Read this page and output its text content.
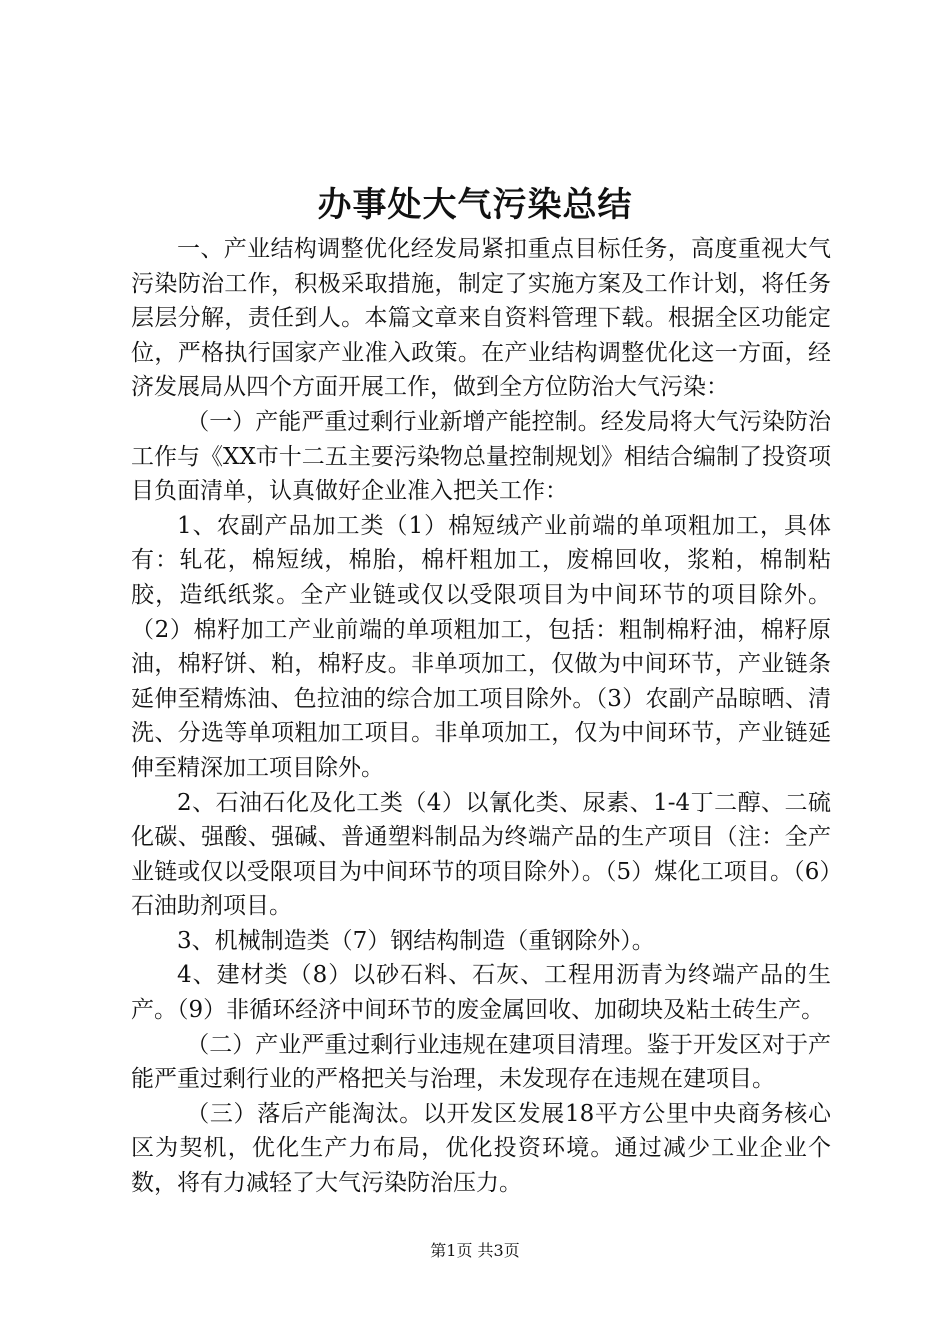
办事处大气污染总结

一、产业结构调整优化经发局紧扣重点目标任务，高度重视大气污染防治工作，积极采取措施，制定了实施方案及工作计划，将任务层层分解，责任到人。本篇文章来自资料管理下载。根据全区功能定位，严格执行国家产业准入政策。在产业结构调整优化这一方面，经济发展局从四个方面开展工作，做到全方位防治大气污染：

（一）产能严重过剩行业新增产能控制。经发局将大气污染防治工作与《XX市十二五主要污染物总量控制规划》相结合编制了投资项目负面清单，认真做好企业准入把关工作：

1、农副产品加工类（1）棉短绒产业前端的单项粗加工，具体有：轧花，棉短绒，棉胎，棉杆粗加工，废棉回收，浆粕，棉制粘胶，造纸纸浆。全产业链或仅以受限项目为中间环节的项目除外。（2）棉籽加工产业前端的单项粗加工，包括：粗制棉籽油，棉籽原油，棉籽饼、粕，棉籽皮。非单项加工，仅做为中间环节，产业链条延伸至精炼油、色拉油的综合加工项目除外。（3）农副产品晾晒、清洗、分选等单项粗加工项目。非单项加工，仅为中间环节，产业链延伸至精深加工项目除外。

2、石油石化及化工类（4）以氰化类、尿素、1-4丁二醇、二硫化碳、强酸、强碱、普通塑料制品为终端产品的生产项目（注：全产业链或仅以受限项目为中间环节的项目除外）。（5）煤化工项目。（6）石油助剂项目。

3、机械制造类（7）钢结构制造（重钢除外）。

4、建材类（8）以砂石料、石灰、工程用沥青为终端产品的生产。（9）非循环经济中间环节的废金属回收、加砌块及粘土砖生产。

（二）产业严重过剩行业违规在建项目清理。鉴于开发区对于产能严重过剩行业的严格把关与治理，未发现存在违规在建项目。

（三）落后产能淘汰。以开发区发展18平方公里中央商务核心区为契机，优化生产力布局，优化投资环境。通过减少工业企业个数，将有力减轻了大气污染防治压力。

第1页 共3页
